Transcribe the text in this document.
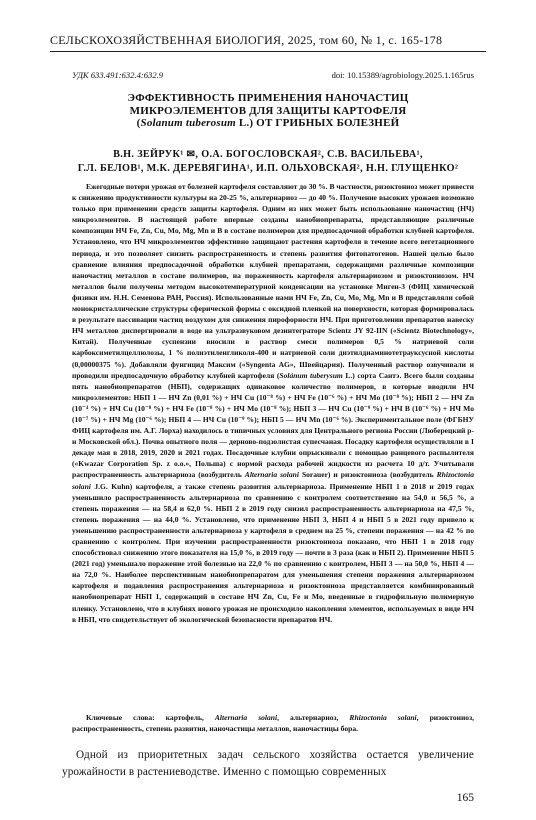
СЕЛЬСКОХОЗЯЙСТВЕННАЯ БИОЛОГИЯ, 2025, том 60, № 1, с. 165-178
УДК 633.491:632.4:632.9	doi: 10.15389/agrobiology.2025.1.165rus
ЭФФЕКТИВНОСТЬ ПРИМЕНЕНИЯ НАНОЧАСТИЦ
МИКРОЭЛЕМЕНТОВ ДЛЯ ЗАЩИТЫ КАРТОФЕЛЯ
(Solanum tuberosum L.) ОТ ГРИБНЫХ БОЛЕЗНЕЙ
В.Н. ЗЕЙРУК¹ ✉, О.А. БОГОСЛОВСКАЯ², С.В. ВАСИЛЬЕВА¹,
Г.Л. БЕЛОВ¹, М.К. ДЕРЕВЯГИНА¹, И.П. ОЛЬХОВСКАЯ², Н.Н. ГЛУЩЕНКО²
Ежегодные потери урожая от болезней картофеля составляют до 30 %. В частности, ризоктониоз может привести к снижению продуктивности культуры на 20-25 %, альтернариоз — до 40 %. Получение высоких урожаев возможно только при применении средств защиты картофеля. Одним из них может быть использование наночастиц (НЧ) микроэлементов. В настоящей работе впервые созданы нанобиопрепараты, представляющие различные композиции НЧ Fe, Zn, Cu, Mo, Mg, Mn и B в составе полимеров для предпосадочной обработки клубней картофеля. Установлено, что НЧ микроэлементов эффективно защищают растения картофеля в течение всего вегетационного периода, и это позволяет снизить распространенность и степень развития фитопатогенов. Нашей целью было сравнение влияния предпосадочной обработки клубней препаратами, содержащими различные композиции наночастиц металлов в составе полимеров, на пораженность картофеля альтернариозом и ризоктониозом. НЧ металлов были получены методом высокотемпературной конденсации на установке Миген-3 (ФИЦ химической физики им. Н.Н. Семенова РАН, Россия). Использованные нами НЧ Fe, Zn, Cu, Mo, Mg, Mn и B представляли собой монокристаллические структуры сферической формы с оксидной пленкой на поверхности, которая формировалась в результате пассивации частиц воздухом для снижения пирофорности НЧ. При приготовлении препаратов навеску НЧ металлов диспергировали в воде на ультразвуковом дезинтеграторе Scientz JY 92-IIN («Scientz Biotechnology», Китай). Полученные суспензии вносили в раствор смеси полимеров 0,5 % натриевой соли карбоксиметилцеллюлозы, 1 % полиэтиленгликоля-400 и натриевой соли диэтилдиаминотетрауксусной кислоты (0,00000375 %). Добавляли фунгицид Максим («Syngenta AG», Швейцария). Полученный раствор озвучивали и проводили предпосадочную обработку клубней картофеля (Solánum tuberуsum L.) сорта Сантэ. Всего были созданы пять нанобиопрепаратов (НБП), содержащих одинаковое количество полимеров, в которые вводили НЧ микроэлементов: НБП 1 — НЧ Zn (0,01 %) + НЧ Cu (10⁻⁸ %) + НЧ Fe (10⁻⁶ %) + НЧ Mo (10⁻⁸ %); НБП 2 — НЧ Zn (10⁻⁴ %) + НЧ Cu (10⁻⁸ %) + НЧ Fe (10⁻⁸ %) + НЧ Mo (10⁻⁸ %); НБП 3 — НЧ Cu (10⁻⁹ %) + НЧ B (10⁻⁶ %) + НЧ Mo (10⁻⁷ %) + НЧ Mg (10⁻⁶ %); НБП 4 — НЧ Cu (10⁻⁹ %); НБП 5 — НЧ Mn (10⁻⁶ %). Экспериментальное поле (ФГБНУ ФИЦ картофеля им. А.Г. Лорха) находилось в типичных условиях для Центрального региона России (Люберецкий р-н Московской обл.). Почва опытного поля — дерново-подзолистая супесчаная. Посадку картофеля осуществляли в I декаде мая в 2018, 2019, 2020 и 2021 годах. Посадочные клубни опрыскивали с помощью ранцевого распылителя («Kwazar Corporation Sp. z o.o.», Польша) с нормой расхода рабочей жидкости из расчета 10 д/т. Учитывали распространенность альтернариоза (возбудитель Alternaria solani Sorauer) и ризоктониоза (возбудитель Rhizoctonia solani J.G. Kuhn) картофеля, а также степень развития альтернариоза. Применение НБП 1 в 2018 и 2019 годах уменьшило распространенность альтернариоза по сравнению с контролем соответственно на 54,0 и 56,5 %, а степень поражения — на 58,4 и 62,0 %. НБП 2 в 2019 году снизил распространенность альтернариоза на 47,5 %, степень поражения — на 44,0 %. Установлено, что применение НБП 3, НБП 4 и НБП 5 в 2021 году привело к уменьшению распространенности альтернариоза у картофеля в среднем на 25 %, степени поражения — на 42 % по сравнению с контролем. При изучении распространенности ризоктониоза показано, что НБП 1 в 2018 году способствовал снижению этого показателя на 15,0 %, в 2019 году — почти в 3 раза (как и НБП 2). Применение НБП 5 (2021 год) уменьшало поражение этой болезнью на 22,0 % по сравнению с контролем, НБП 3 — на 50,0 %, НБП 4 — на 72,0 %. Наиболее перспективным нанобиопрепаратом для уменьшения степени поражения альтернариозом картофеля и подавления распространения альтернариоза и ризоктониоза представляется комбинированный нанобиопрепарат НБП 1, содержащий в составе НЧ Zn, Cu, Fe и Mo, введенные в гидрофильную полимерную пленку. Установлено, что в клубнях нового урожая не происходило накопления элементов, используемых в виде НЧ в НБП, что свидетельствует об экологической безопасности препаратов НЧ.
Ключевые слова: картофель, Alternaria solani, альтернариоз, Rhizoctonia solani, ризоктониоз, распространенность, степень развития, наночастицы металлов, наночастицы бора.
Одной из приоритетных задач сельского хозяйства остается увеличение урожайности в растениеводстве. Именно с помощью современных
165
